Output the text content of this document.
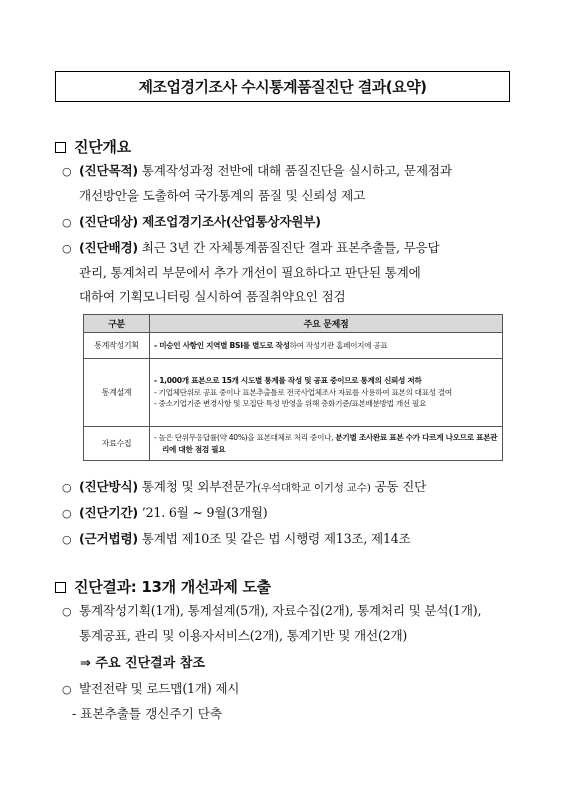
제조업경기조사 수시통계품질진단 결과(요약)
진단개요
○ (진단목적) 통계작성과정 전반에 대해 품질진단을 실시하고, 문제점과
개선방안을 도출하여 국가통계의 품질 및 신뢰성 제고
○ (진단대상) 제조업경기조사(산업통상자원부)
○ (진단배경) 최근 3년 간 자체통계품질진단 결과 표본추출틀, 무응답
관리, 통계처리 부문에서 추가 개선이 필요하다고 판단된 통계에
대하여 기획모니터링 실시하여 품질취약요인 점검
구분	주요 문제점
통계작성기획	- 미승인 사항인 지역별 BSI를 별도로 작성하여 작성기관 홈페이지에 공표

통계설계	- 1,000개 표본으로 15개 시도별 통계를 작성 및 공표 중이므로 통계의 신뢰성 저하
- 기업체단위로 공표 중이나 표본추출틀로 전국사업체조사 자료를 사용하여 표본의 대표성 결여
- 중소기업기준 변경사항 및 모집단 특성 반영을 위해 층화기준/표본배분방법 개선 필요

자료수집	- 높은 단위무응답률(약 40%)을 표본대체로 처리 중이나, 분기별 조사완료 표본 수가 다르게 나오므로 표본관리에 대한 점검 필요
○ (진단방식) 통계청 및 외부전문가(우석대학교 이기성 교수) 공동 진단
○ (진단기간) ’21. 6월 ~ 9월(3개월)
○ (근거법령) 통계법 제10조 및 같은 법 시행령 제13조, 제14조
진단결과: 13개 개선과제 도출
○ 통계작성기획(1개), 통계설계(5개), 자료수집(2개), 통계처리 및 분석(1개),
통계공표, 관리 및 이용자서비스(2개), 통계기반 및 개선(2개)
⇒ 주요 진단결과 참조
○ 발전전략 및 로드맵(1개) 제시
- 표본추출틀 갱신주기 단축
